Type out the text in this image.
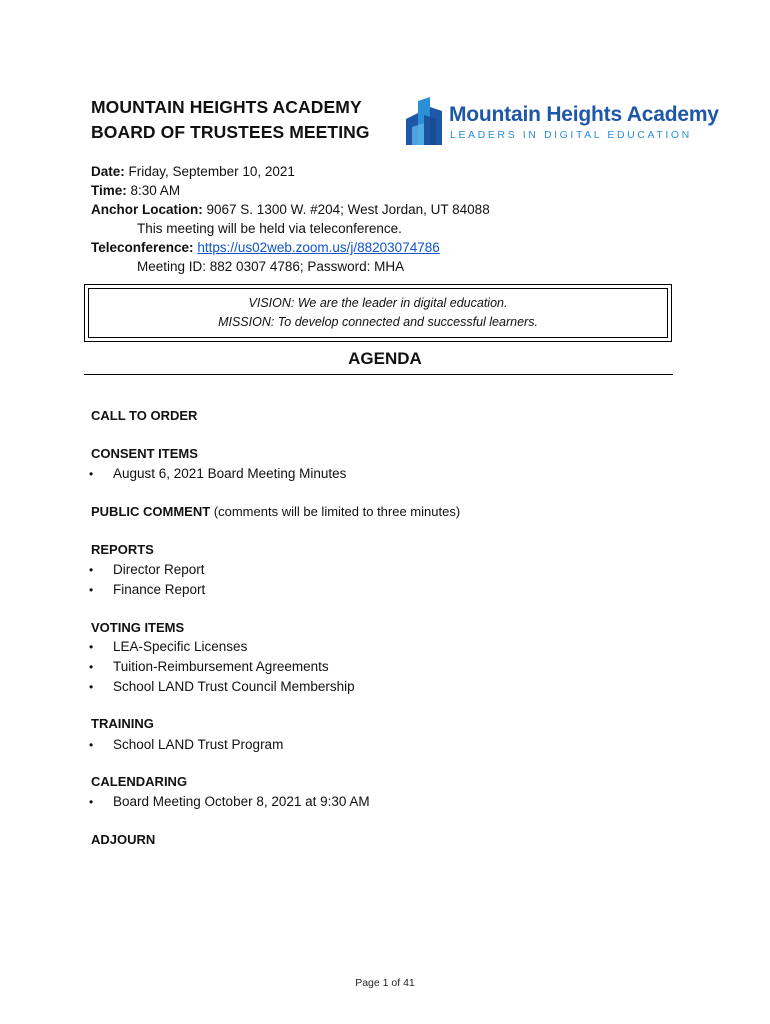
MOUNTAIN HEIGHTS ACADEMY
BOARD OF TRUSTEES MEETING
Mountain Heights Academy
LEADERS IN DIGITAL EDUCATION
Date: Friday, September 10, 2021
Time: 8:30 AM
Anchor Location: 9067 S. 1300 W. #204; West Jordan, UT 84088
This meeting will be held via teleconference.
Teleconference: https://us02web.zoom.us/j/88203074786
Meeting ID: 882 0307 4786; Password: MHA
VISION: We are the leader in digital education.
MISSION: To develop connected and successful learners.
AGENDA
CALL TO ORDER
CONSENT ITEMS
• August 6, 2021 Board Meeting Minutes
PUBLIC COMMENT (comments will be limited to three minutes)
REPORTS
• Director Report
• Finance Report
VOTING ITEMS
• LEA-Specific Licenses
• Tuition-Reimbursement Agreements
• School LAND Trust Council Membership
TRAINING
• School LAND Trust Program
CALENDARING
• Board Meeting October 8, 2021 at 9:30 AM
ADJOURN
Page 1 of 41
